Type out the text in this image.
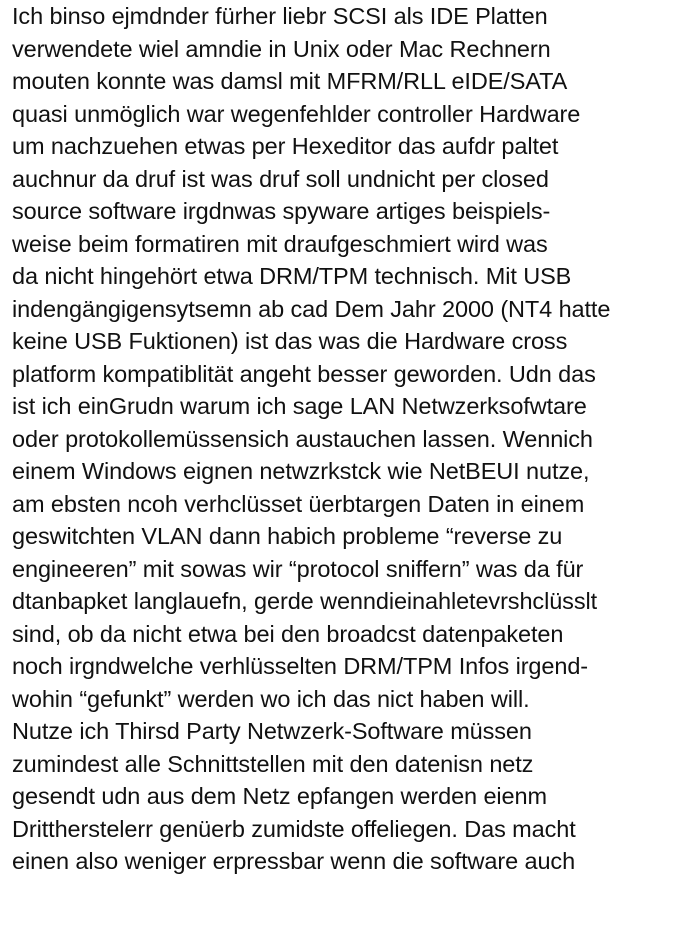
Ich binso ejmdnder fürher liebr SCSI als IDE Platten
verwendete wiel amndie in Unix oder Mac Rechnern
mouten konnte was damsl mit MFRM/RLL eIDE/SATA
quasi unmöglich war wegenfehlder controller Hardware
um nachzuehen etwas per Hexeditor das aufdr paltet
auchnur da druf ist was druf soll undnicht per closed
source software irgdnwas spyware artiges beispiels-
weise beim formatiren mit draufgeschmiert wird was
da nicht hingehört etwa DRM/TPM technisch. Mit USB
indengängigensytsemn ab cad Dem Jahr 2000 (NT4 hatte
keine USB Fuktionen) ist das was die Hardware cross
platform kompatiblität angeht besser geworden. Udn das
ist ich einGrudn warum ich sage LAN Netwzerksofwtare
oder protokollemüssensich austauchen lassen. Wennich
einem Windows eignen netwzrkstck wie NetBEUI nutze,
am ebsten ncoh verhclüsset üerbtargen Daten in einem
geswitchten VLAN dann habich probleme “reverse zu
engineeren” mit sowas wir “protocol sniffern” was da für
dtanbapket langlauefn, gerde wenndieinahletevrshclüsslt
sind, ob da nicht etwa bei den broadcst datenpaketen
noch irgndwelche verhlüsselten DRM/TPM Infos irgend-
wohin “gefunkt” werden wo ich das nict haben will.
Nutze ich Thirsd Party Netwzerk-Software müssen
zumindest alle Schnittstellen mit den datenisn netz
gesendt udn aus dem Netz epfangen werden eienm
Drittherstelerr genüerb zumidste offeliegen. Das macht
einen also weniger erpressbar wenn die software auch
